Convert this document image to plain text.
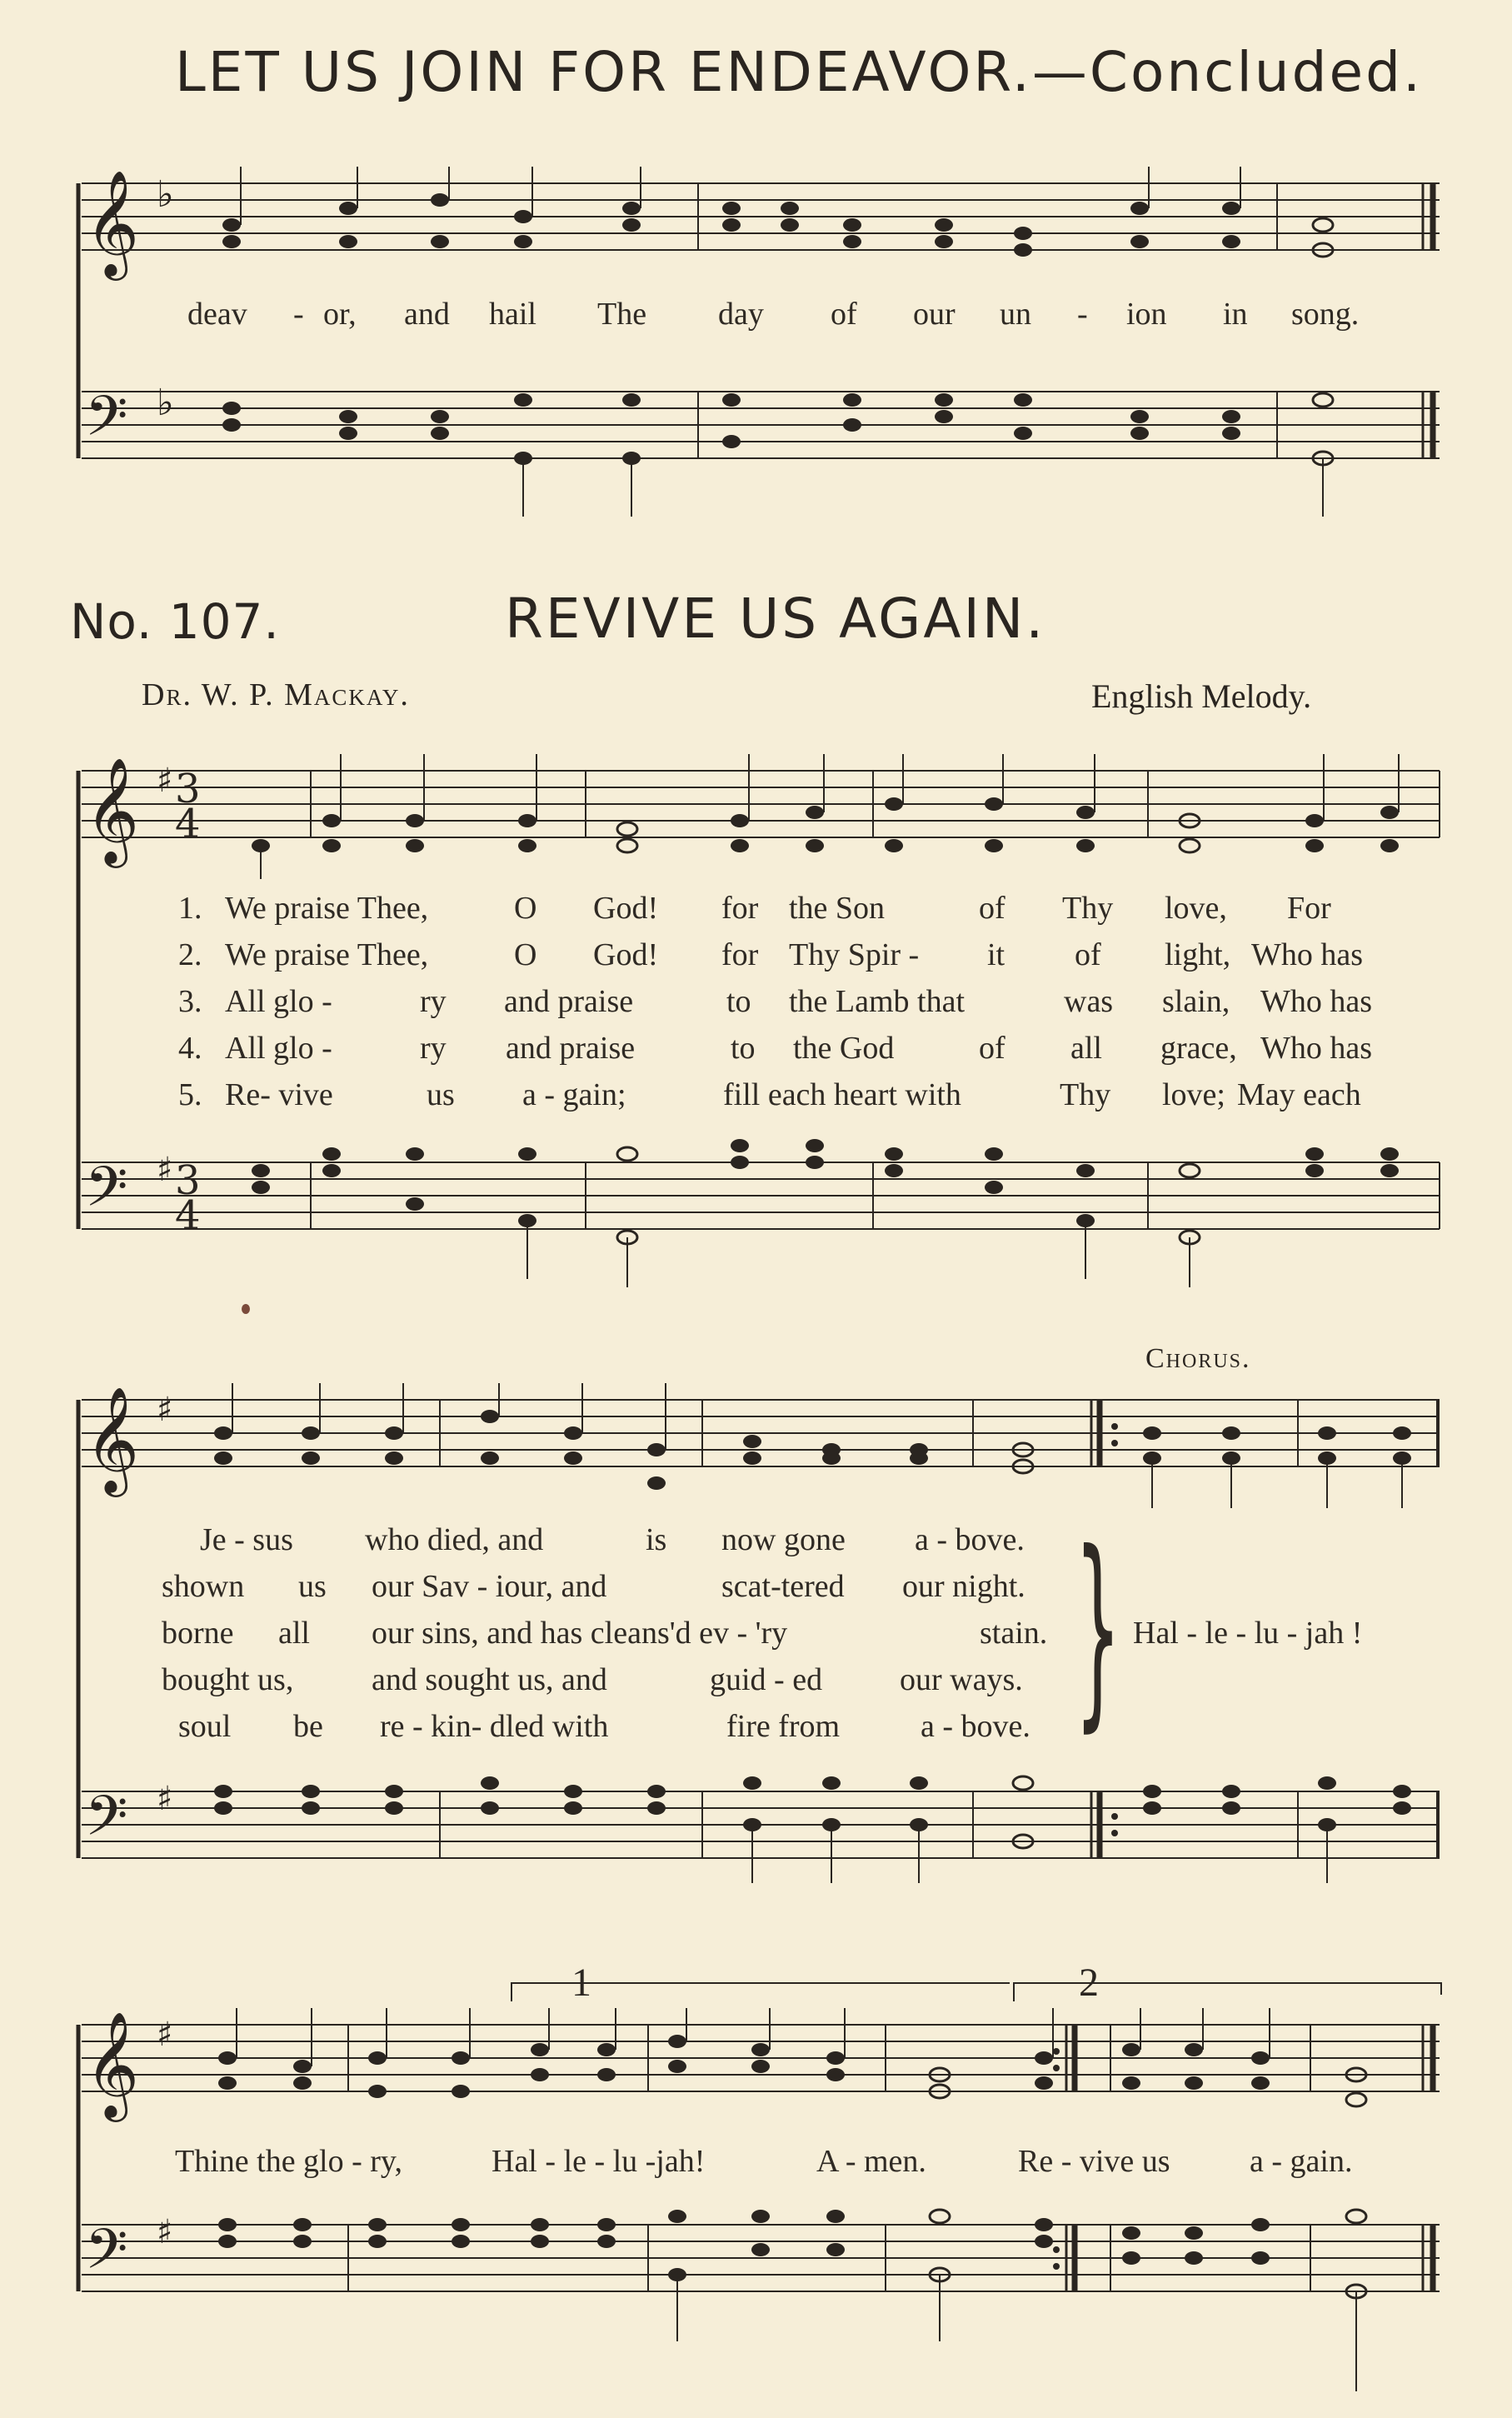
LET US JOIN FOR ENDEAVOR.—Concluded.
𝄞
𝄢
♭
♭
deav - or, and hail The day of our un - ion in song.
No. 107.	REVIVE US AGAIN.
Dr. W. P. Mackay.	English Melody.
𝄞
𝄢
♯
♯
3
4
3
4
1. We praise Thee,	O God! for the Son	of Thy love, For
2. We praise Thee,	O God! for Thy Spir - it of light, Who has
3. All glo -	ry and praise	to the Lamb that	was slain, Who has
4. All glo -	ry and praise	to the God	of all grace, Who has
5. Re- vive	us a - gain;	fill each heart with	Thy love; May each
Chorus.
𝄞
𝄢
♯
♯
Je - sus who died, and	is now gone a - bove.
shown us our Sav - iour, and	scat-tered our night.
borne all our sins, and has cleans'd ev - 'ry	stain.
bought us, and sought us, and	guid - ed our ways.
soul be re - kin- dled with	fire from	a - bove. } Hal - le - lu - jah !
1	2
𝄞
𝄢
♯
♯
Thine the glo - ry,	Hal - le - lu -jah!	A - men.	Re - vive us	a - gain.
